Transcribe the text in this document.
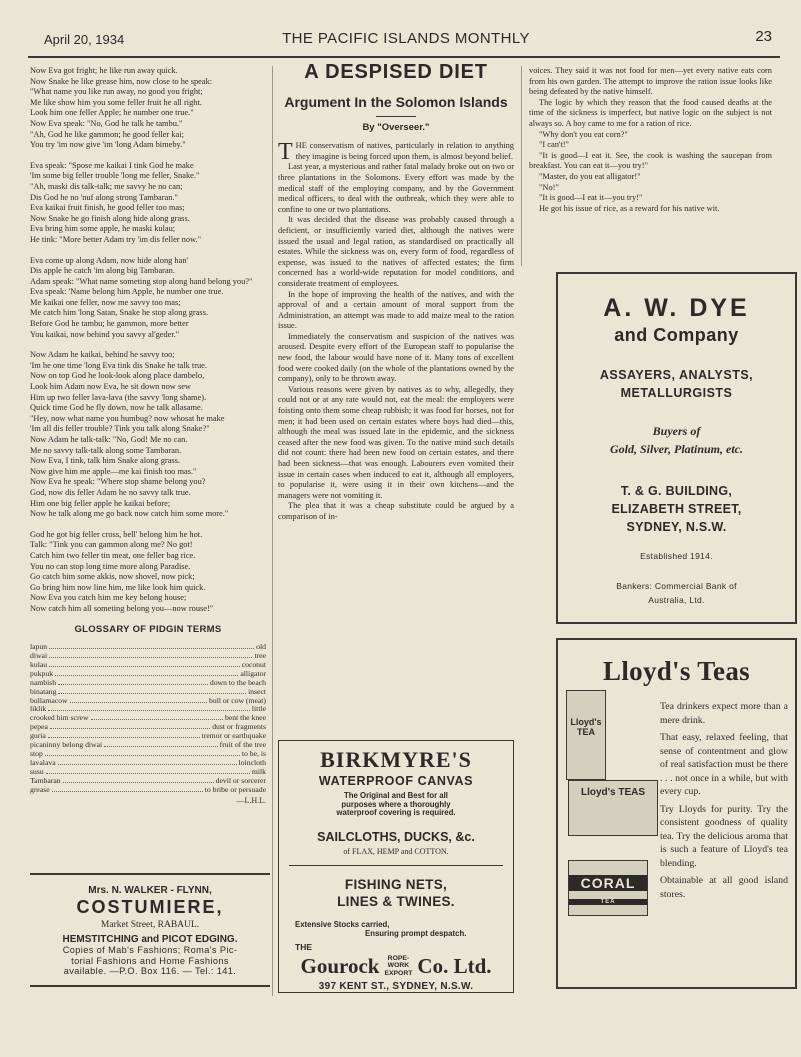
April 20, 1934	THE PACIFIC ISLANDS MONTHLY	23

Now Eva got fright; he like run away quick.

Now Snake he like grease him, now close to he speak:

"What name you like run away, no good you fright;

Me like show him you some feller fruit he all right.

Look him one feller Apple; he number one true."

Now Eva speak: "No, God he talk he tambu."

"Ah, God he like gammon; he good feller kai;

You try 'im now give 'im 'long Adam bimeby."

Eva speak: "Spose me kaikai I tink God he make

'Im some big feller trouble 'long me feller, Snake."

"Ah, maski dis talk-talk; me savvy he no can;

Dis God he no 'nuf along strong Tambaran."

Eva kaikai fruit finish, he good feller too mas;

Now Snake he go finish along hide along grass.

Eva bring him some apple, he maski kulau;

He tink: "More better Adam try 'im dis feller now."

Eva come up along Adam, now hide along han'

Dis apple he catch 'im along big Tambaran.

Adam speak: "What name someting stop along hand belong you?"

Eva speak: 'Name belong him Apple, he number one true.

Me kaikai one feller, now me savvy too mas;

Me catch him 'long Satan, Snake he stop along grass.

Before God he tambu; he gammon, more better

You kaikai, now behind you savvy al'geder."

Now Adam he kaikai, behind he savvy too;

'Im he one time 'long Eva tink dis Snake he talk true.

Now on top God he look-look along place dambelo,

Look him Adam now Eva, he sit down now sew

Him up two feller lava-lava (the savvy 'long shame).

Quick time God he fly down, now he talk allasame.

"Hey, now what name you humbug? now whosat he make

'Im all dis feller trouble? Tink you talk along Snake?"

Now Adam he talk-talk: "No, God! Me no can.

Me no savvy talk-talk along some Tambaran.

Now Eva, I tink, talk him Snake along grass.

Now give him me apple—me kai finish too mas."

Now Eva he speak: "Where stop shame belong you?

God, now dis feller Adam he no savvy talk true.

Him one big feller apple he kaikai before;

Now he talk along me go back now catch him some more."

God he got big feller cross, bell' belong him he hot.

Talk: "Tink you can gammon along me? No got!

Catch him two feller tin meat, one feller bag rice.

You no can stop long time more along Paradise.

Go catch him some akkis, now shovel, now pick;

Go bring him now line him, me like look him quick.

Now Eva you catch him me key belong house;

Now catch him all someting belong you—now rouse!"

GLOSSARY OF PIDGIN TERMS
lapun	old
diwai	tree
kulau	coconut
pukpuk	alligator
nambish	down to the beach
binatang	insect
bullamacow	bull or cow (meat)
liklik	little
crooked him screw	bent the knee
pepea	dust or fragments
guria	tremor or earthquake
picaninny belong diwai	fruit of the tree
stop	to be, is
lavalava	loincloth
susu	milk
Tambaran	devil or sorcerer
grease	to bribe or persuade
—L.H.L.
Mrs. N. WALKER - FLYNN,
COSTUMIERE,
Market Street, RABAUL.
HEMSTITCHING and PICOT EDGING.
Copies of Mab's Fashions; Roma's Pic-
torial Fashions and Home Fashions
available. —P.O. Box 116. — Tel.: 141.
A DESPISED DIET
Argument In the Solomon Islands
By "Overseer."

THE conservatism of natives, particularly in relation to anything they imagine is being forced upon them, is almost beyond belief.

Last year, a mysterious and rather fatal malady broke out on two or three plantations in the Solomons. Every effort was made by the medical staff of the employing company, and by the Government medical officers, to deal with the outbreak, which they were able to confine to one or two plantations.

It was decided that the disease was probably caused through a deficient, or insufficiently varied diet, although the natives were issued the usual and legal ration, as standardised on practically all estates. While the sickness was on, every form of food, regardless of expense, was issued to the natives of affected estates; the firm concerned has a world-wide reputation for model conditions, and considerate treatment of employees.

In the hope of improving the health of the natives, and with the approval of and a certain amount of moral support from the Administration, an attempt was made to add maize meal to the ration issue.

Immediately the conservatism and suspicion of the natives was aroused. Despite every effort of the European staff to popularise the new food, the labour would have none of it. Many tons of excellent food were cooked daily (on the whole of the plantations owned by the company), only to be thrown away.

Various reasons were given by natives as to why, allegedly, they could not or at any rate would not, eat the meal: the employers were foisting onto them some cheap rubbish; it was food for horses, not for men; it had been used on certain estates where boys had died—this, although the meal was issued late in the epidemic, and the sickness ceased after the new food was given. To the native mind such details did not count: there had been new food on certain estates, and there had been sickness—that was enough. Labourers even vomited their issue in certain cases when induced to eat it, although all employers, to popularise it, were using it in their own kitchens—and the managers were not vomiting it.

The plea that it was a cheap substitute could be argued by a comparison of in-

BIRKMYRE'S
WATERPROOF CANVAS
The Original and Best for all
purposes where a thoroughly
waterproof covering is required.
SAILCLOTHS, DUCKS, &c.
of FLAX, HEMP and COTTON.
FISHING NETS,
LINES & TWINES.
Extensive Stocks carried,
Ensuring prompt despatch.
THE
Gourock	ROPE-
WORK
EXPORT Co. Ltd.
397 KENT ST., SYDNEY, N.S.W.

voices. They said it was not food for men—yet every native eats corn from his own garden. The attempt to improve the ration issue looks like being defeated by the native himself.

The logic by which they reason that the food caused deaths at the time of the sickness is imperfect, but native logic on the subject is not always so. A boy came to me for a ration of rice.

"Why don't you eat corn?"

"I can't!"

"It is good—I eat it. See, the cook is washing the saucepan from breakfast. You can eat it—you try!"

"Master, do you eat alligator!"

"No!"

"It is good—I eat it—you try!"

He got his issue of rice, as a reward for his native wit.

A. W. DYE
and Company
ASSAYERS, ANALYSTS,
METALLURGISTS
Buyers of
Gold, Silver, Platinum, etc.
T. & G. BUILDING,
ELIZABETH STREET,
SYDNEY, N.S.W.
Established 1914.
Bankers: Commercial Bank of
Australia, Ltd.
Lloyd's Teas
Lloyd's TEA
Lloyd's TEAS
CORAL
TEA

Tea drinkers expect more than a mere drink.

That easy, relaxed feeling, that sense of contentment and glow of real satisfaction must be there . . . not once in a while, but with every cup.

Try Lloyds for purity. Try the consistent goodness of quality tea. Try the delicious aroma that is such a feature of Lloyd's tea blending.

Obtainable at all good island stores.
